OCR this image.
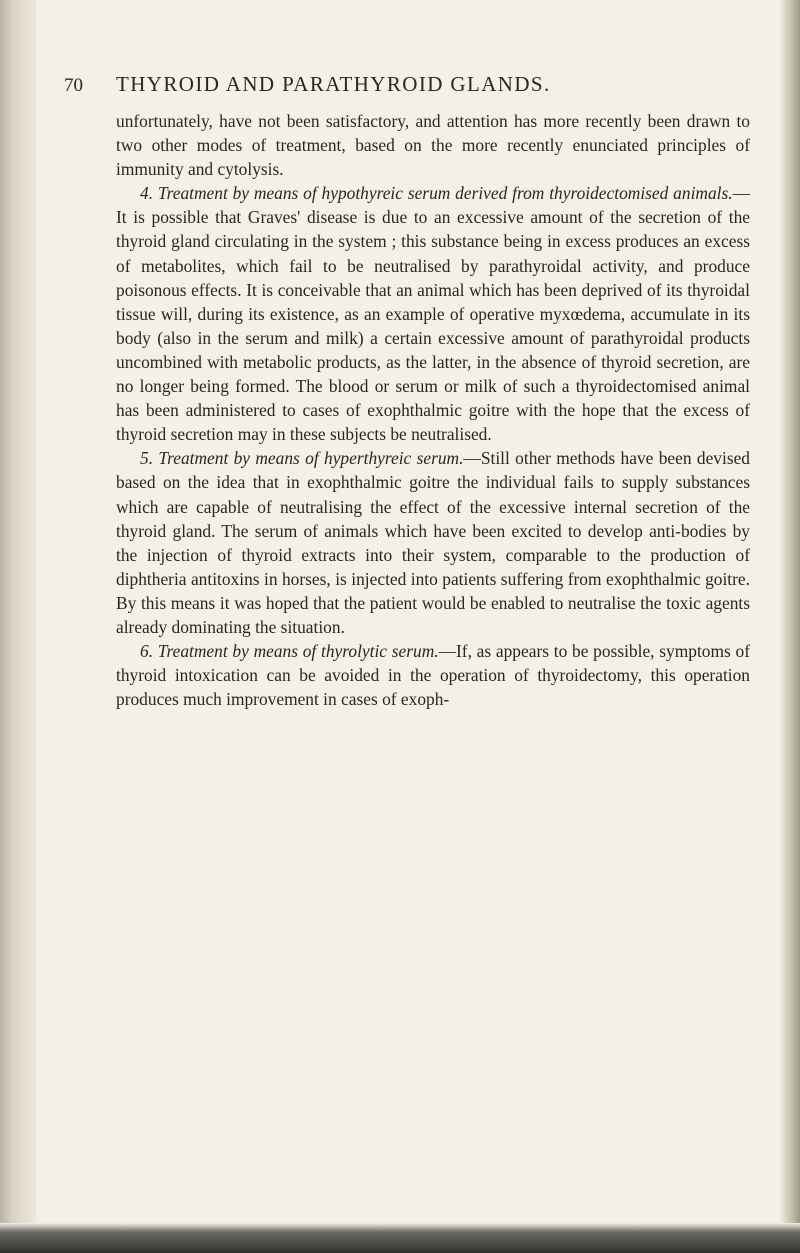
70	THYROID AND PARATHYROID GLANDS.

unfortunately, have not been satisfactory, and attention has more recently been drawn to two other modes of treatment, based on the more recently enunciated principles of immunity and cytolysis.

4. Treatment by means of hypothyreic serum derived from thyroidectomised animals.—It is possible that Graves' disease is due to an excessive amount of the secretion of the thyroid gland circulating in the system ; this substance being in excess produces an excess of metabolites, which fail to be neutralised by parathyroidal activity, and produce poisonous effects. It is conceivable that an animal which has been deprived of its thyroidal tissue will, during its existence, as an example of operative myxœdema, accumulate in its body (also in the serum and milk) a certain excessive amount of parathyroidal products uncombined with metabolic products, as the latter, in the absence of thyroid secretion, are no longer being formed. The blood or serum or milk of such a thyroidectomised animal has been administered to cases of exophthalmic goitre with the hope that the excess of thyroid secretion may in these subjects be neutralised.

5. Treatment by means of hyperthyreic serum.—Still other methods have been devised based on the idea that in exophthalmic goitre the individual fails to supply substances which are capable of neutralising the effect of the excessive internal secretion of the thyroid gland. The serum of animals which have been excited to develop anti-bodies by the injection of thyroid extracts into their system, comparable to the production of diphtheria antitoxins in horses, is injected into patients suffering from exophthalmic goitre. By this means it was hoped that the patient would be enabled to neutralise the toxic agents already dominating the situation.

6. Treatment by means of thyrolytic serum.—If, as appears to be possible, symptoms of thyroid intoxication can be avoided in the operation of thyroidectomy, this operation produces much improvement in cases of exoph-
